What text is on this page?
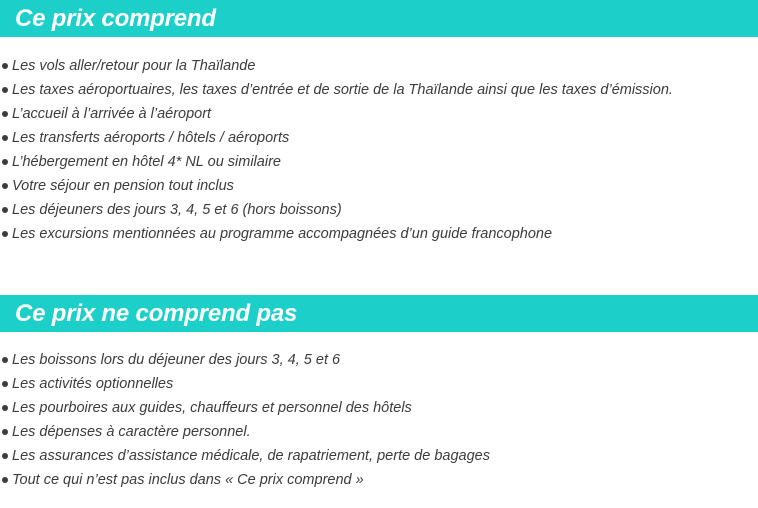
Ce prix comprend
Les vols aller/retour pour la Thaïlande
Les taxes aéroportuaires, les taxes d’entrée et de sortie de la Thaïlande ainsi que les taxes d’émission.
L’accueil à l’arrivée à l’aéroport
Les transferts aéroports / hôtels / aéroports
L’hébergement en hôtel 4* NL ou similaire
Votre séjour en pension tout inclus
Les déjeuners des jours 3, 4, 5 et 6 (hors boissons)
Les excursions mentionnées au programme accompagnées d’un guide francophone
Ce prix ne comprend pas
Les boissons lors du déjeuner des jours 3, 4, 5 et 6
Les activités optionnelles
Les pourboires aux guides, chauffeurs et personnel des hôtels
Les dépenses à caractère personnel.
Les assurances d’assistance médicale, de rapatriement, perte de bagages
Tout ce qui n’est pas inclus dans « Ce prix comprend »
